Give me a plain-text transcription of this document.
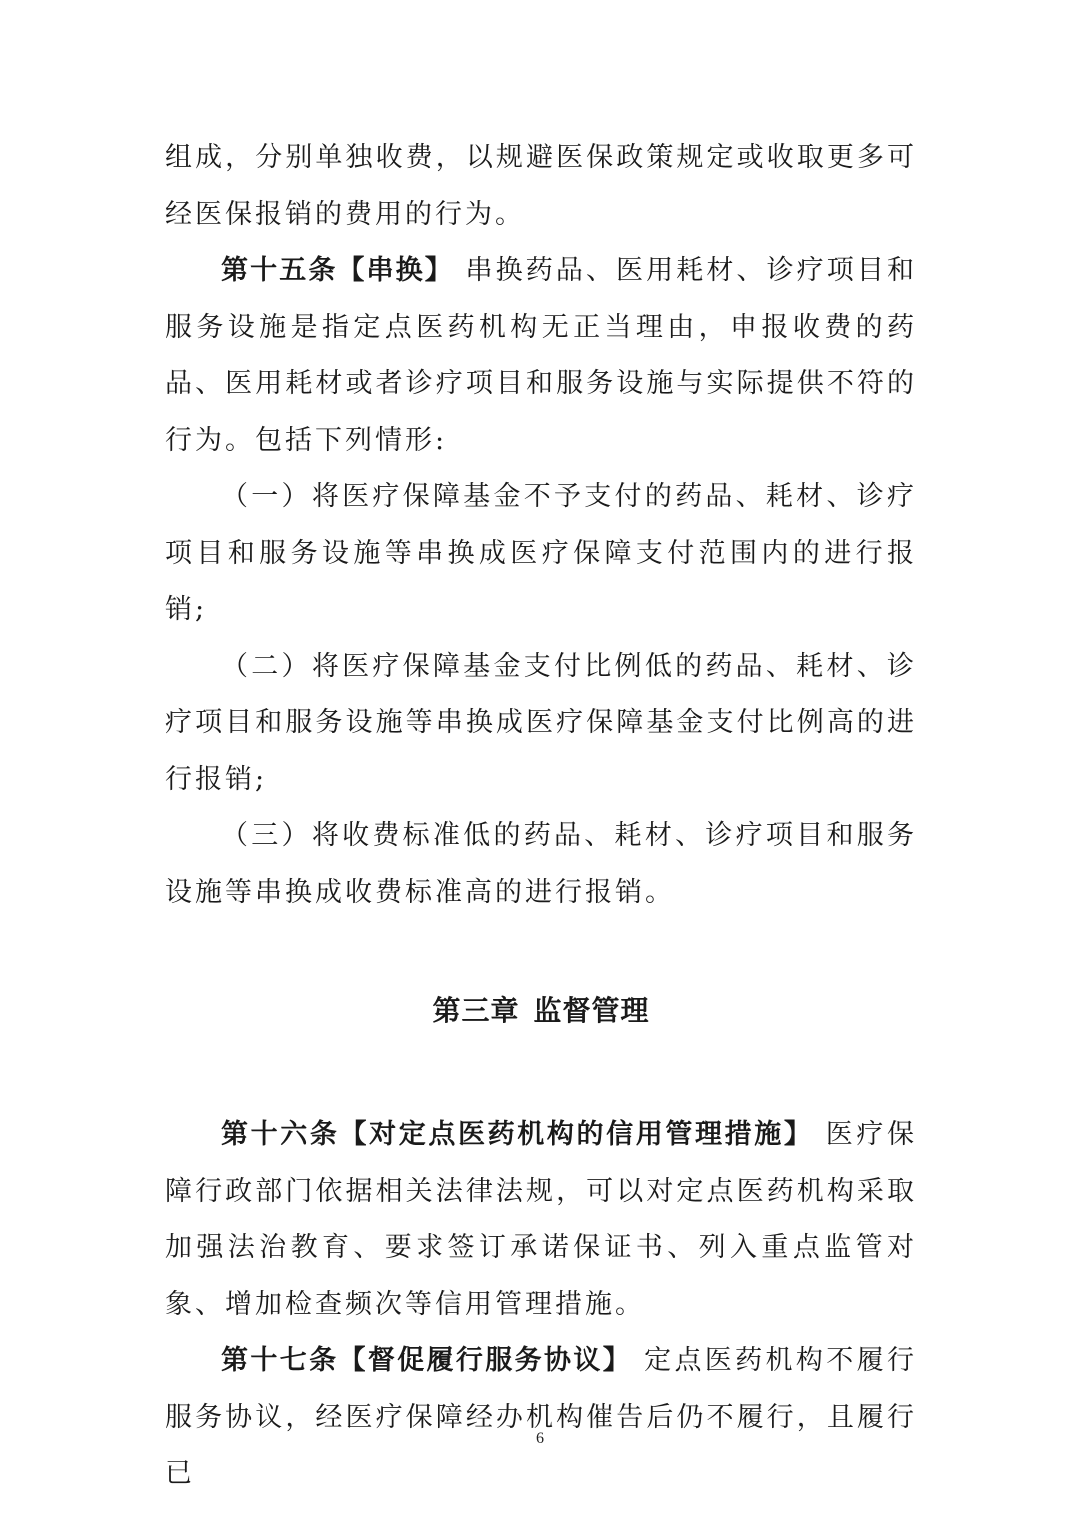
组成，分别单独收费，以规避医保政策规定或收取更多可经医保报销的费用的行为。

第十五条【串换】 串换药品、医用耗材、诊疗项目和服务设施是指定点医药机构无正当理由，申报收费的药品、医用耗材或者诊疗项目和服务设施与实际提供不符的行为。包括下列情形:

（一）将医疗保障基金不予支付的药品、耗材、诊疗项目和服务设施等串换成医疗保障支付范围内的进行报销;

（二）将医疗保障基金支付比例低的药品、耗材、诊疗项目和服务设施等串换成医疗保障基金支付比例高的进行报销;

（三）将收费标准低的药品、耗材、诊疗项目和服务设施等串换成收费标准高的进行报销。

第三章 监督管理

第十六条【对定点医药机构的信用管理措施】 医疗保障行政部门依据相关法律法规，可以对定点医药机构采取加强法治教育、要求签订承诺保证书、列入重点监管对象、增加检查频次等信用管理措施。

第十七条【督促履行服务协议】 定点医药机构不履行服务协议，经医疗保障经办机构催告后仍不履行，且履行已

6
